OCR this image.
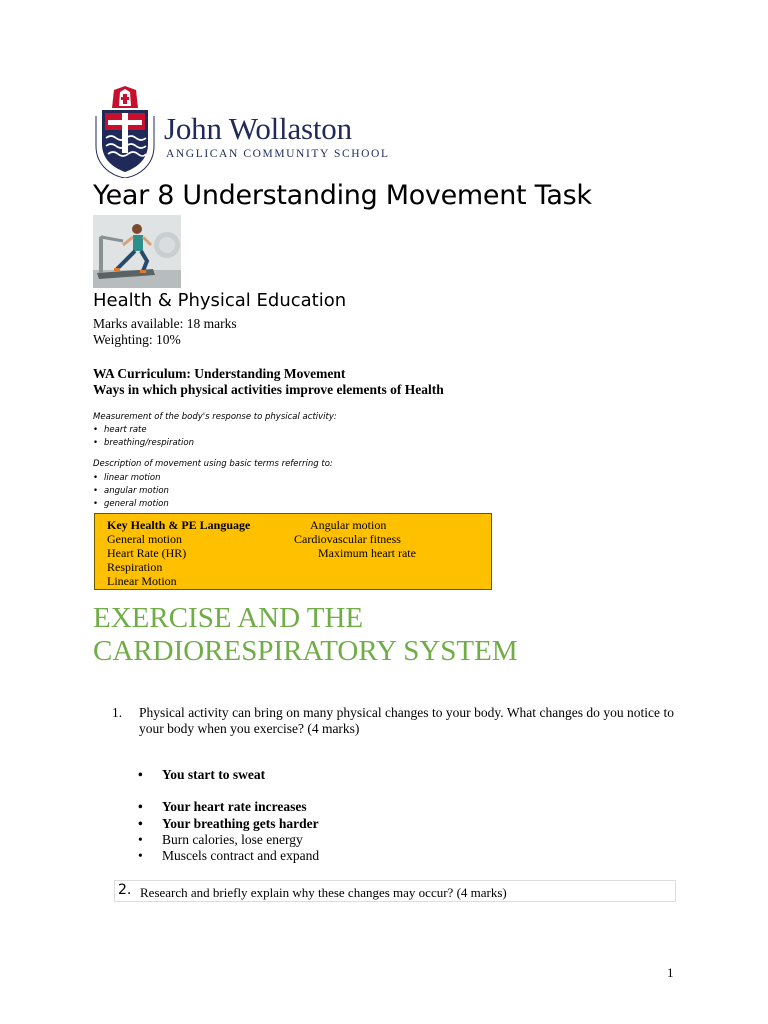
John Wollaston
ANGLICAN COMMUNITY SCHOOL
Year 8 Understanding Movement Task
Health & Physical Education
Marks available: 18 marks
Weighting: 10%
WA Curriculum: Understanding Movement
Ways in which physical activities improve elements of Health
Measurement of the body's response to physical activity:
• heart rate
• breathing/respiration
Description of movement using basic terms referring to:
• linear motion
• angular motion
• general motion
Key Health & PE Language	Angular motion
General motion	Cardiovascular fitness
Heart Rate (HR)	Maximum heart rate
Respiration
Linear Motion
EXERCISE AND THE
CARDIORESPIRATORY SYSTEM
1. Physical activity can bring on many physical changes to your body. What changes do you notice to your body when you exercise? (4 marks)
• You start to sweat
• Your heart rate increases
• Your breathing gets harder
• Burn calories, lose energy
• Muscels contract and expand
2. Research and briefly explain why these changes may occur? (4 marks)
1
